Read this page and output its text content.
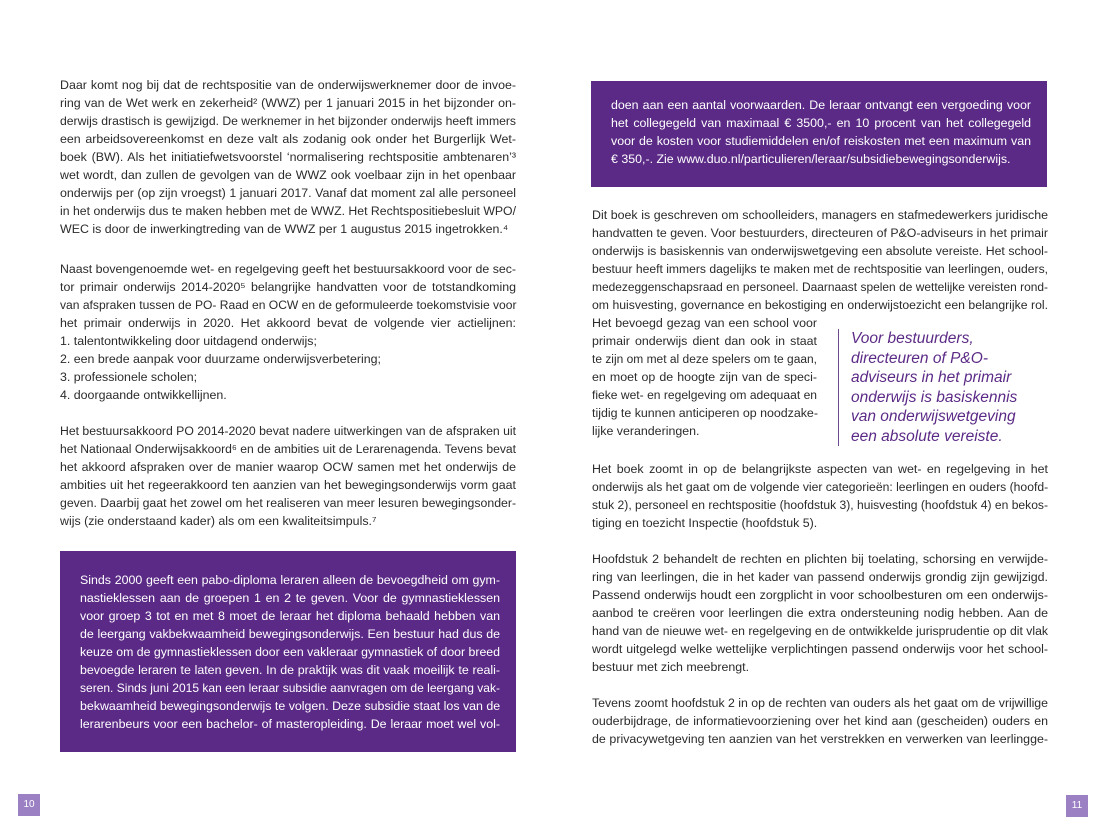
Daar komt nog bij dat de rechtspositie van de onderwijswerknemer door de invoe-
ring van de Wet werk en zekerheid² (WWZ) per 1 januari 2015 in het bijzonder on-
derwijs drastisch is gewijzigd. De werknemer in het bijzonder onderwijs heeft immers
een arbeidsovereenkomst en deze valt als zodanig ook onder het Burgerlijk Wet-
boek (BW). Als het initiatiefwetsvoorstel ‘normalisering rechtspositie ambtenaren’³
wet wordt, dan zullen de gevolgen van de WWZ ook voelbaar zijn in het openbaar
onderwijs per (op zijn vroegst) 1 januari 2017. Vanaf dat moment zal alle personeel
in het onderwijs dus te maken hebben met de WWZ. Het Rechtspositiebesluit WPO/
WEC is door de inwerkingtreding van de WWZ per 1 augustus 2015 ingetrokken.⁴
Naast bovengenoemde wet- en regelgeving geeft het bestuursakkoord voor de sec-
tor primair onderwijs 2014-2020⁵ belangrijke handvatten voor de totstandkoming
van afspraken tussen de PO- Raad en OCW en de geformuleerde toekomstvisie voor
het primair onderwijs in 2020. Het akkoord bevat de volgende vier actielijnen:
1. talentontwikkeling door uitdagend onderwijs;
2. een brede aanpak voor duurzame onderwijsverbetering;
3. professionele scholen;
4. doorgaande ontwikkellijnen.
Het bestuursakkoord PO 2014-2020 bevat nadere uitwerkingen van de afspraken uit
het Nationaal Onderwijsakkoord⁶ en de ambities uit de Lerarenagenda. Tevens bevat
het akkoord afspraken over de manier waarop OCW samen met het onderwijs de
ambities uit het regeerakkoord ten aanzien van het bewegingsonderwijs vorm gaat
geven. Daarbij gaat het zowel om het realiseren van meer lesuren bewegingsonder-
wijs (zie onderstaand kader) als om een kwaliteitsimpuls.⁷
Sinds 2000 geeft een pabo-diploma leraren alleen de bevoegdheid om gym-
nastieklessen aan de groepen 1 en 2 te geven. Voor de gymnastieklessen
voor groep 3 tot en met 8 moet de leraar het diploma behaald hebben van
de leergang vakbekwaamheid bewegingsonderwijs. Een bestuur had dus de
keuze om de gymnastieklessen door een vakleraar gymnastiek of door breed
bevoegde leraren te laten geven. In de praktijk was dit vaak moeilijk te reali-
seren. Sinds juni 2015 kan een leraar subsidie aanvragen om de leergang vak-
bekwaamheid bewegingsonderwijs te volgen. Deze subsidie staat los van de
lerarenbeurs voor een bachelor- of masteropleiding. De leraar moet wel vol-
10
doen aan een aantal voorwaarden. De leraar ontvangt een vergoeding voor
het collegegeld van maximaal € 3500,- en 10 procent van het collegegeld
voor de kosten voor studiemiddelen en/of reiskosten met een maximum van
€ 350,-. Zie www.duo.nl/particulieren/leraar/subsidiebewegingsonderwijs.
Dit boek is geschreven om schoolleiders, managers en stafmedewerkers juridische
handvatten te geven. Voor bestuurders, directeuren of P&O-adviseurs in het primair
onderwijs is basiskennis van onderwijswetgeving een absolute vereiste. Het school-
bestuur heeft immers dagelijks te maken met de rechtspositie van leerlingen, ouders,
medezeggenschapsraad en personeel. Daarnaast spelen de wettelijke vereisten rond-
om huisvesting, governance en bekostiging en onderwijstoezicht een belangrijke rol.
Het bevoegd gezag van een school voor
primair onderwijs dient dan ook in staat
te zijn om met al deze spelers om te gaan,
en moet op de hoogte zijn van de speci-
fieke wet- en regelgeving om adequaat en
tijdig te kunnen anticiperen op noodzake-
lijke veranderingen.
Voor bestuurders,
directeuren of P&O-
adviseurs in het primair
onderwijs is basiskennis
van onderwijswetgeving
een absolute vereiste.
Het boek zoomt in op de belangrijkste aspecten van wet- en regelgeving in het
onderwijs als het gaat om de volgende vier categorieën: leerlingen en ouders (hoofd-
stuk 2), personeel en rechtspositie (hoofdstuk 3), huisvesting (hoofdstuk 4) en bekos-
tiging en toezicht Inspectie (hoofdstuk 5).
Hoofdstuk 2 behandelt de rechten en plichten bij toelating, schorsing en verwijde-
ring van leerlingen, die in het kader van passend onderwijs grondig zijn gewijzigd.
Passend onderwijs houdt een zorgplicht in voor schoolbesturen om een onderwijs-
aanbod te creëren voor leerlingen die extra ondersteuning nodig hebben. Aan de
hand van de nieuwe wet- en regelgeving en de ontwikkelde jurisprudentie op dit vlak
wordt uitgelegd welke wettelijke verplichtingen passend onderwijs voor het school-
bestuur met zich meebrengt.
Tevens zoomt hoofdstuk 2 in op de rechten van ouders als het gaat om de vrijwillige
ouderbijdrage, de informatievoorziening over het kind aan (gescheiden) ouders en
de privacywetgeving ten aanzien van het verstrekken en verwerken van leerlingge-
11
